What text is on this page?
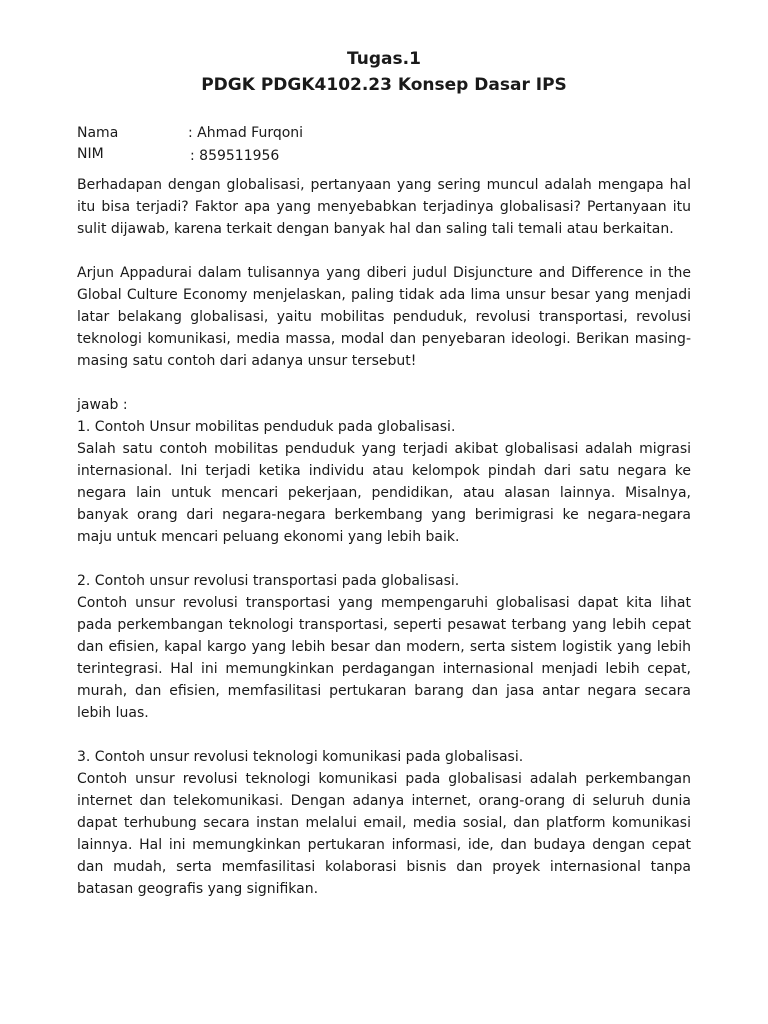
Tugas.1
PDGK PDGK4102.23 Konsep Dasar IPS
Nama	: Ahmad Furqoni
NIM	: 859511956

Berhadapan dengan globalisasi, pertanyaan yang sering muncul adalah mengapa hal itu bisa terjadi? Faktor apa yang menyebabkan terjadinya globalisasi? Pertanyaan itu sulit dijawab, karena terkait dengan banyak hal dan saling tali temali atau berkaitan.

Arjun Appadurai dalam tulisannya yang diberi judul Disjuncture and Difference in the Global Culture Economy menjelaskan, paling tidak ada lima unsur besar yang menjadi latar belakang globalisasi, yaitu mobilitas penduduk, revolusi transportasi, revolusi teknologi komunikasi, media massa, modal dan penyebaran ideologi. Berikan masing-masing satu contoh dari adanya unsur tersebut!

jawab :

1. Contoh Unsur mobilitas penduduk pada globalisasi.

Salah satu contoh mobilitas penduduk yang terjadi akibat globalisasi adalah migrasi internasional. Ini terjadi ketika individu atau kelompok pindah dari satu negara ke negara lain untuk mencari pekerjaan, pendidikan, atau alasan lainnya. Misalnya, banyak orang dari negara-negara berkembang yang berimigrasi ke negara-negara maju untuk mencari peluang ekonomi yang lebih baik.

2. Contoh unsur revolusi transportasi pada globalisasi.

Contoh unsur revolusi transportasi yang mempengaruhi globalisasi dapat kita lihat pada perkembangan teknologi transportasi, seperti pesawat terbang yang lebih cepat dan efisien, kapal kargo yang lebih besar dan modern, serta sistem logistik yang lebih terintegrasi. Hal ini memungkinkan perdagangan internasional menjadi lebih cepat, murah, dan efisien, memfasilitasi pertukaran barang dan jasa antar negara secara lebih luas.

3. Contoh unsur revolusi teknologi komunikasi pada globalisasi.

Contoh unsur revolusi teknologi komunikasi pada globalisasi adalah perkembangan internet dan telekomunikasi. Dengan adanya internet, orang-orang di seluruh dunia dapat terhubung secara instan melalui email, media sosial, dan platform komunikasi lainnya. Hal ini memungkinkan pertukaran informasi, ide, dan budaya dengan cepat dan mudah, serta memfasilitasi kolaborasi bisnis dan proyek internasional tanpa batasan geografis yang signifikan.
